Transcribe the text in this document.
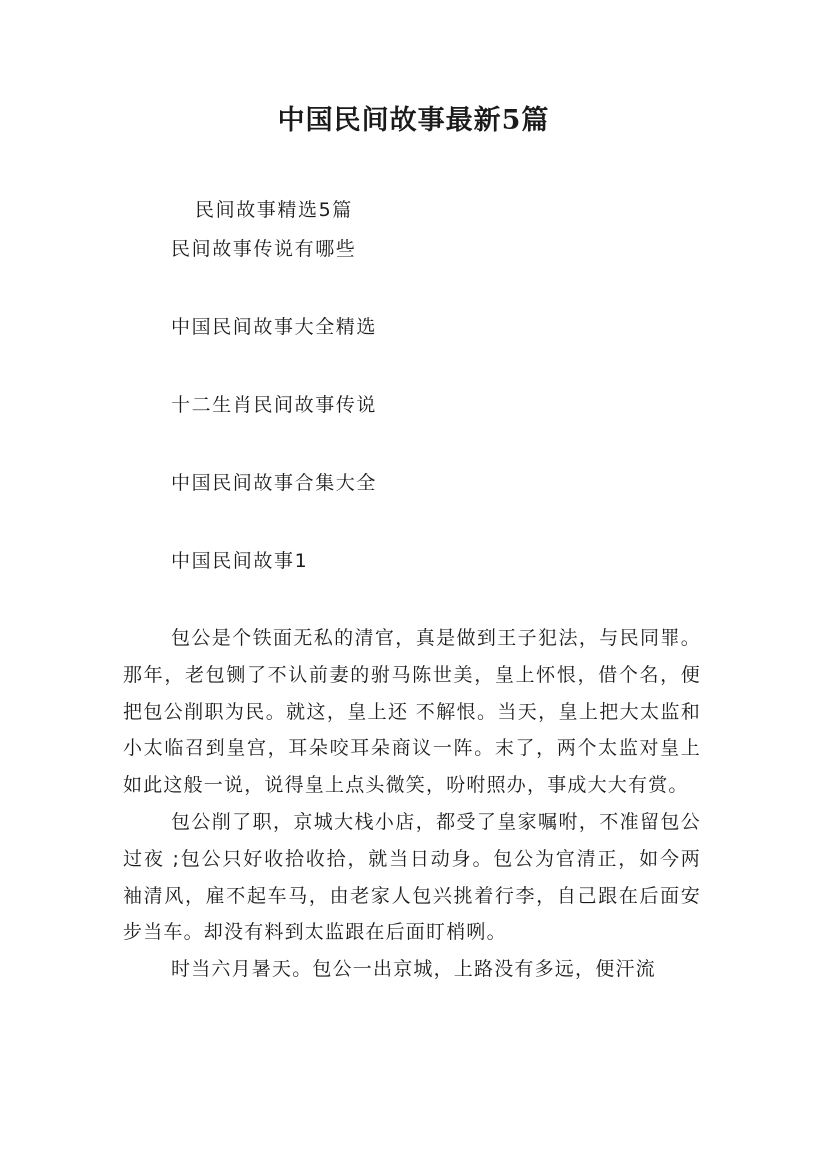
中国民间故事最新5篇
民间故事精选5篇
民间故事传说有哪些
中国民间故事大全精选
十二生肖民间故事传说
中国民间故事合集大全
中国民间故事1

包公是个铁面无私的清官，真是做到王子犯法，与民同罪。那年，老包铡了不认前妻的驸马陈世美，皇上怀恨，借个名，便把包公削职为民。就这，皇上还 不解恨。当天，皇上把大太监和小太临召到皇宫，耳朵咬耳朵商议一阵。末了，两个太监对皇上如此这般一说，说得皇上点头微笑，吩咐照办，事成大大有赏。

包公削了职，京城大栈小店，都受了皇家嘱咐，不准留包公过夜 ;包公只好收拾收拾，就当日动身。包公为官清正，如今两袖清风，雇不起车马，由老家人包兴挑着行李，自己跟在后面安步当车。却没有料到太监跟在后面盯梢咧。

时当六月暑天。包公一出京城，上路没有多远，便汗流
